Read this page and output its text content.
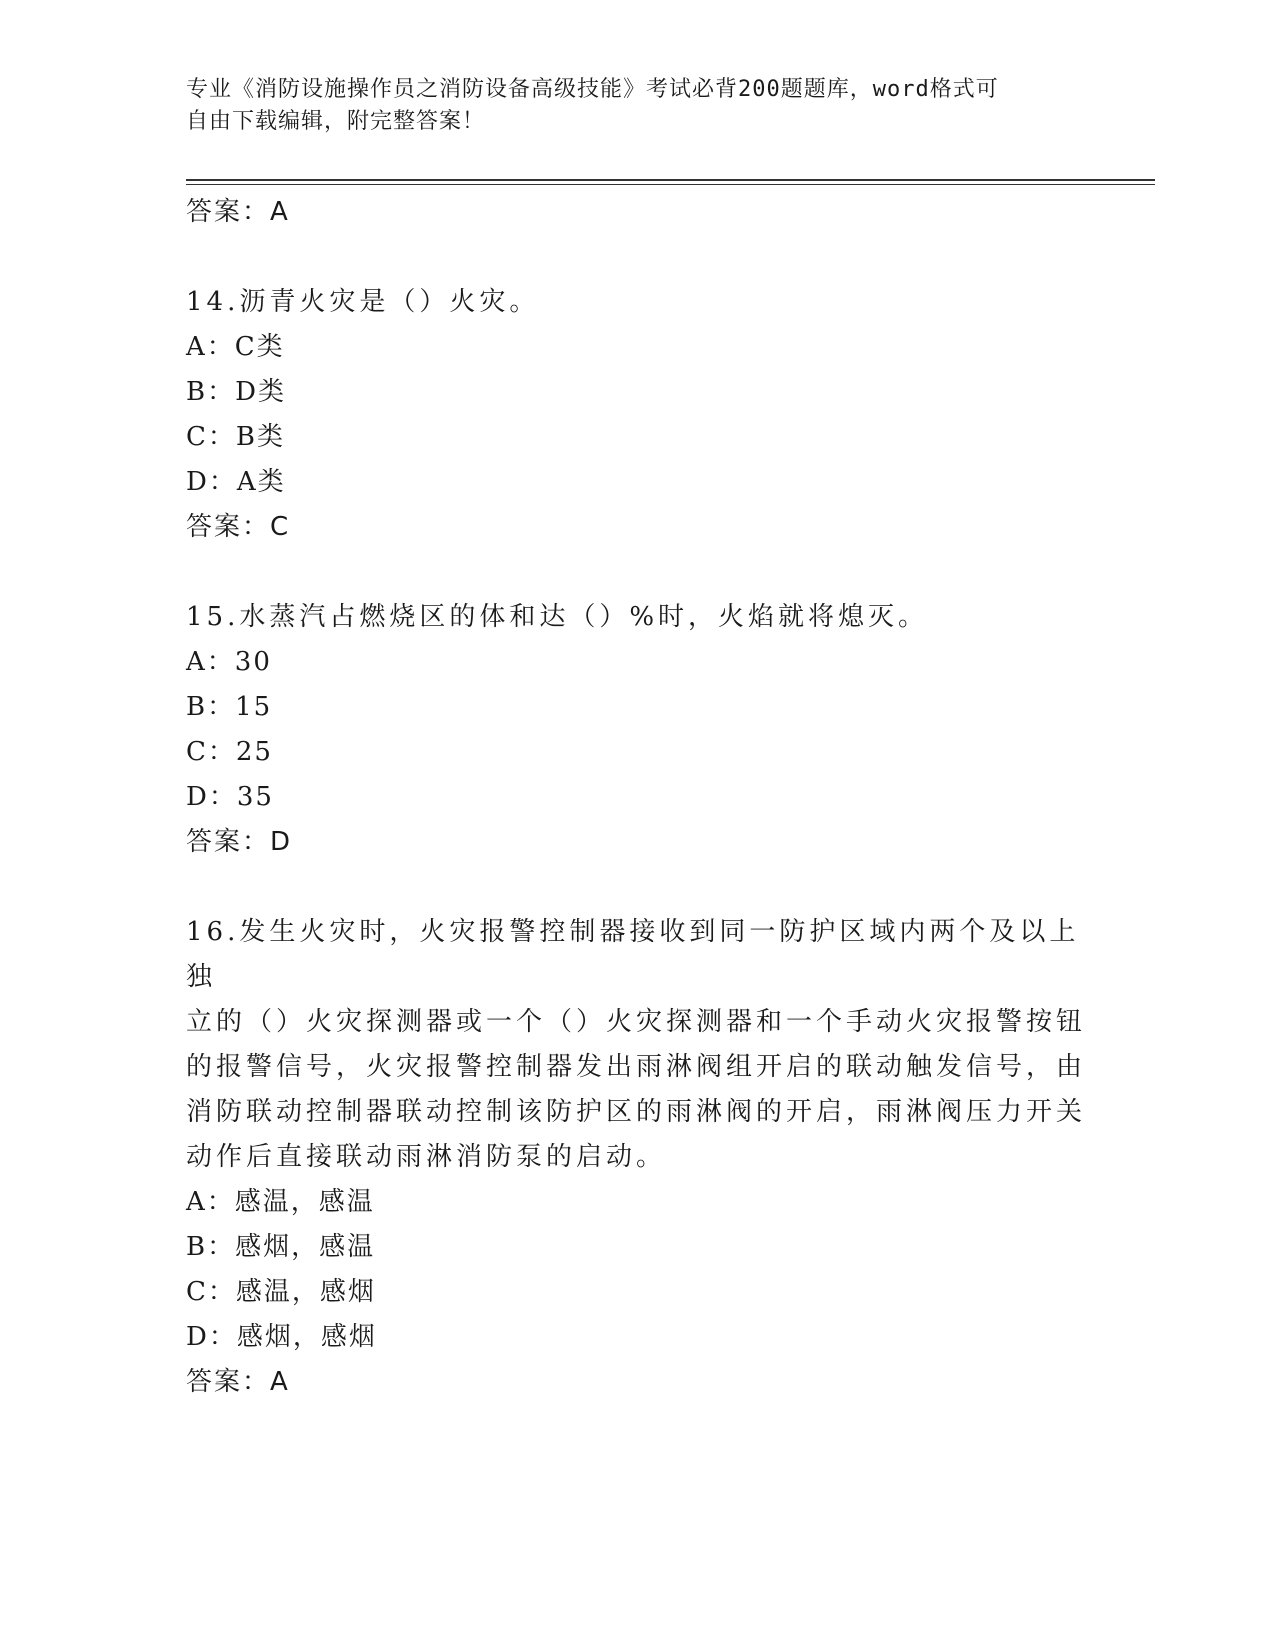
专业《消防设施操作员之消防设备高级技能》考试必背200题题库，word格式可
自由下载编辑，附完整答案！

答案：A

14.沥青火灾是（）火灾。

A：C类

B：D类

C：B类

D：A类

答案：C

15.水蒸汽占燃烧区的体和达（）%时，火焰就将熄灭。

A：30

B：15

C：25

D：35

答案：D

16.发生火灾时，火灾报警控制器接收到同一防护区域内两个及以上独

立的（）火灾探测器或一个（）火灾探测器和一个手动火灾报警按钮

的报警信号，火灾报警控制器发出雨淋阀组开启的联动触发信号，由

消防联动控制器联动控制该防护区的雨淋阀的开启，雨淋阀压力开关

动作后直接联动雨淋消防泵的启动。

A：感温，感温

B：感烟，感温

C：感温，感烟

D：感烟，感烟

答案：A
